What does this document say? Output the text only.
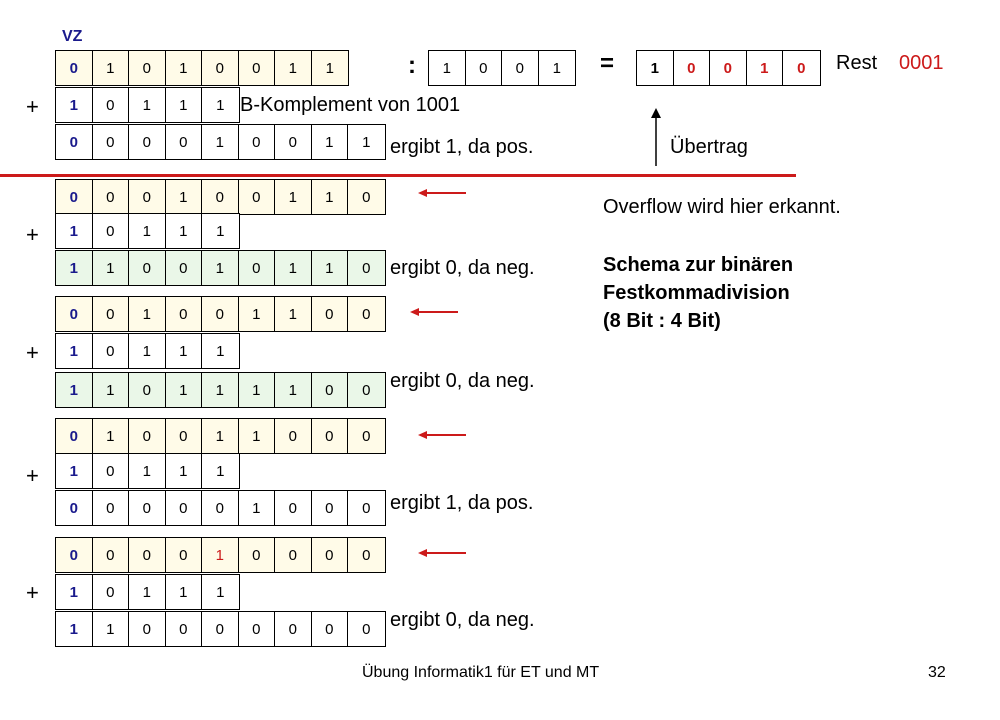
VZ
0	1	0	1	0	0	1	1	:	1	0	0	1	=	1	0	0	1	0	Rest 0001
+	1	0	1	1	1 B-Komplement von 1001
0	0	0	0	1	0	0	1	1 ergibt 1, da pos.	Übertrag
Overflow wird hier erkannt.
Schema zur binären
Festkommadivision
(8 Bit : 4 Bit)
0	0	0	1	0	0	1	1	0
+	1	0	1	1	1
1	1	0	0	1	0	1	1	0 ergibt 0, da neg.
0	0	1	0	0	1	1	0	0
+	1	0	1	1	1
1	1	0	1	1	1	1	0	0 ergibt 0, da neg.
0	1	0	0	1	1	0	0	0
+	1	0	1	1	1
0	0	0	0	0	1	0	0	0 ergibt 1, da pos.
0	0	0	0	1	0	0	0	0
+	1	0	1	1	1
1	1	0	0	0	0	0	0	0 ergibt 0, da neg.
Übung Informatik1 für ET und MT	32
